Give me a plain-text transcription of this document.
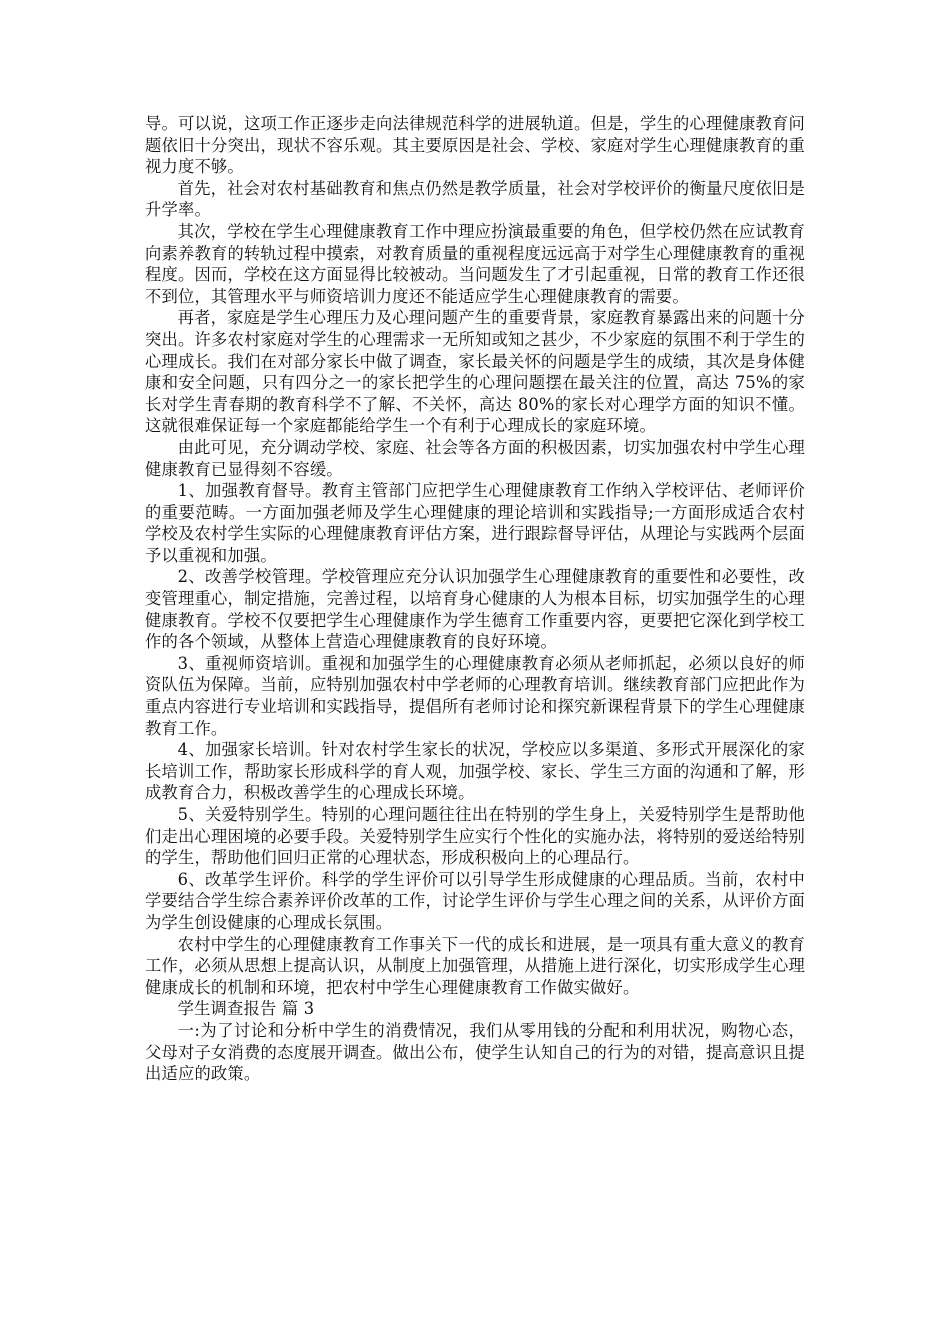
导。可以说，这项工作正逐步走向法律规范科学的进展轨道。但是，学生的心理健康教育问题依旧十分突出，现状不容乐观。其主要原因是社会、学校、家庭对学生心理健康教育的重视力度不够。

首先，社会对农村基础教育和焦点仍然是教学质量，社会对学校评价的衡量尺度依旧是升学率。

其次，学校在学生心理健康教育工作中理应扮演最重要的角色，但学校仍然在应试教育向素养教育的转轨过程中摸索，对教育质量的重视程度远远高于对学生心理健康教育的重视程度。因而，学校在这方面显得比较被动。当问题发生了才引起重视，日常的教育工作还很不到位，其管理水平与师资培训力度还不能适应学生心理健康教育的需要。

再者，家庭是学生心理压力及心理问题产生的重要背景，家庭教育暴露出来的问题十分突出。许多农村家庭对学生的心理需求一无所知或知之甚少，不少家庭的氛围不利于学生的心理成长。我们在对部分家长中做了调查，家长最关怀的问题是学生的成绩，其次是身体健康和安全问题，只有四分之一的家长把学生的心理问题摆在最关注的位置，高达 75%的家长对学生青春期的教育科学不了解、不关怀，高达 80%的家长对心理学方面的知识不懂。这就很难保证每一个家庭都能给学生一个有利于心理成长的家庭环境。

由此可见，充分调动学校、家庭、社会等各方面的积极因素，切实加强农村中学生心理健康教育已显得刻不容缓。

1、加强教育督导。教育主管部门应把学生心理健康教育工作纳入学校评估、老师评价的重要范畴。一方面加强老师及学生心理健康的理论培训和实践指导;一方面形成适合农村学校及农村学生实际的心理健康教育评估方案，进行跟踪督导评估，从理论与实践两个层面予以重视和加强。

2、改善学校管理。学校管理应充分认识加强学生心理健康教育的重要性和必要性，改变管理重心，制定措施，完善过程，以培育身心健康的人为根本目标，切实加强学生的心理健康教育。学校不仅要把学生心理健康作为学生德育工作重要内容，更要把它深化到学校工作的各个领域，从整体上营造心理健康教育的良好环境。

3、重视师资培训。重视和加强学生的心理健康教育必须从老师抓起，必须以良好的师资队伍为保障。当前，应特别加强农村中学老师的心理教育培训。继续教育部门应把此作为重点内容进行专业培训和实践指导，提倡所有老师讨论和探究新课程背景下的学生心理健康教育工作。

4、加强家长培训。针对农村学生家长的状况，学校应以多渠道、多形式开展深化的家长培训工作，帮助家长形成科学的育人观，加强学校、家长、学生三方面的沟通和了解，形成教育合力，积极改善学生的心理成长环境。

5、关爱特别学生。特别的心理问题往往出在特别的学生身上，关爱特别学生是帮助他们走出心理困境的必要手段。关爱特别学生应实行个性化的实施办法，将特别的爱送给特别的学生，帮助他们回归正常的心理状态，形成积极向上的心理品行。

6、改革学生评价。科学的学生评价可以引导学生形成健康的心理品质。当前，农村中学要结合学生综合素养评价改革的工作，讨论学生评价与学生心理之间的关系，从评价方面为学生创设健康的心理成长氛围。

农村中学生的心理健康教育工作事关下一代的成长和进展，是一项具有重大意义的教育工作，必须从思想上提高认识，从制度上加强管理，从措施上进行深化，切实形成学生心理健康成长的机制和环境，把农村中学生心理健康教育工作做实做好。

学生调查报告 篇 3

一:为了讨论和分析中学生的消费情况，我们从零用钱的分配和利用状况，购物心态，父母对子女消费的态度展开调查。做出公布，使学生认知自己的行为的对错，提高意识且提出适应的政策。
